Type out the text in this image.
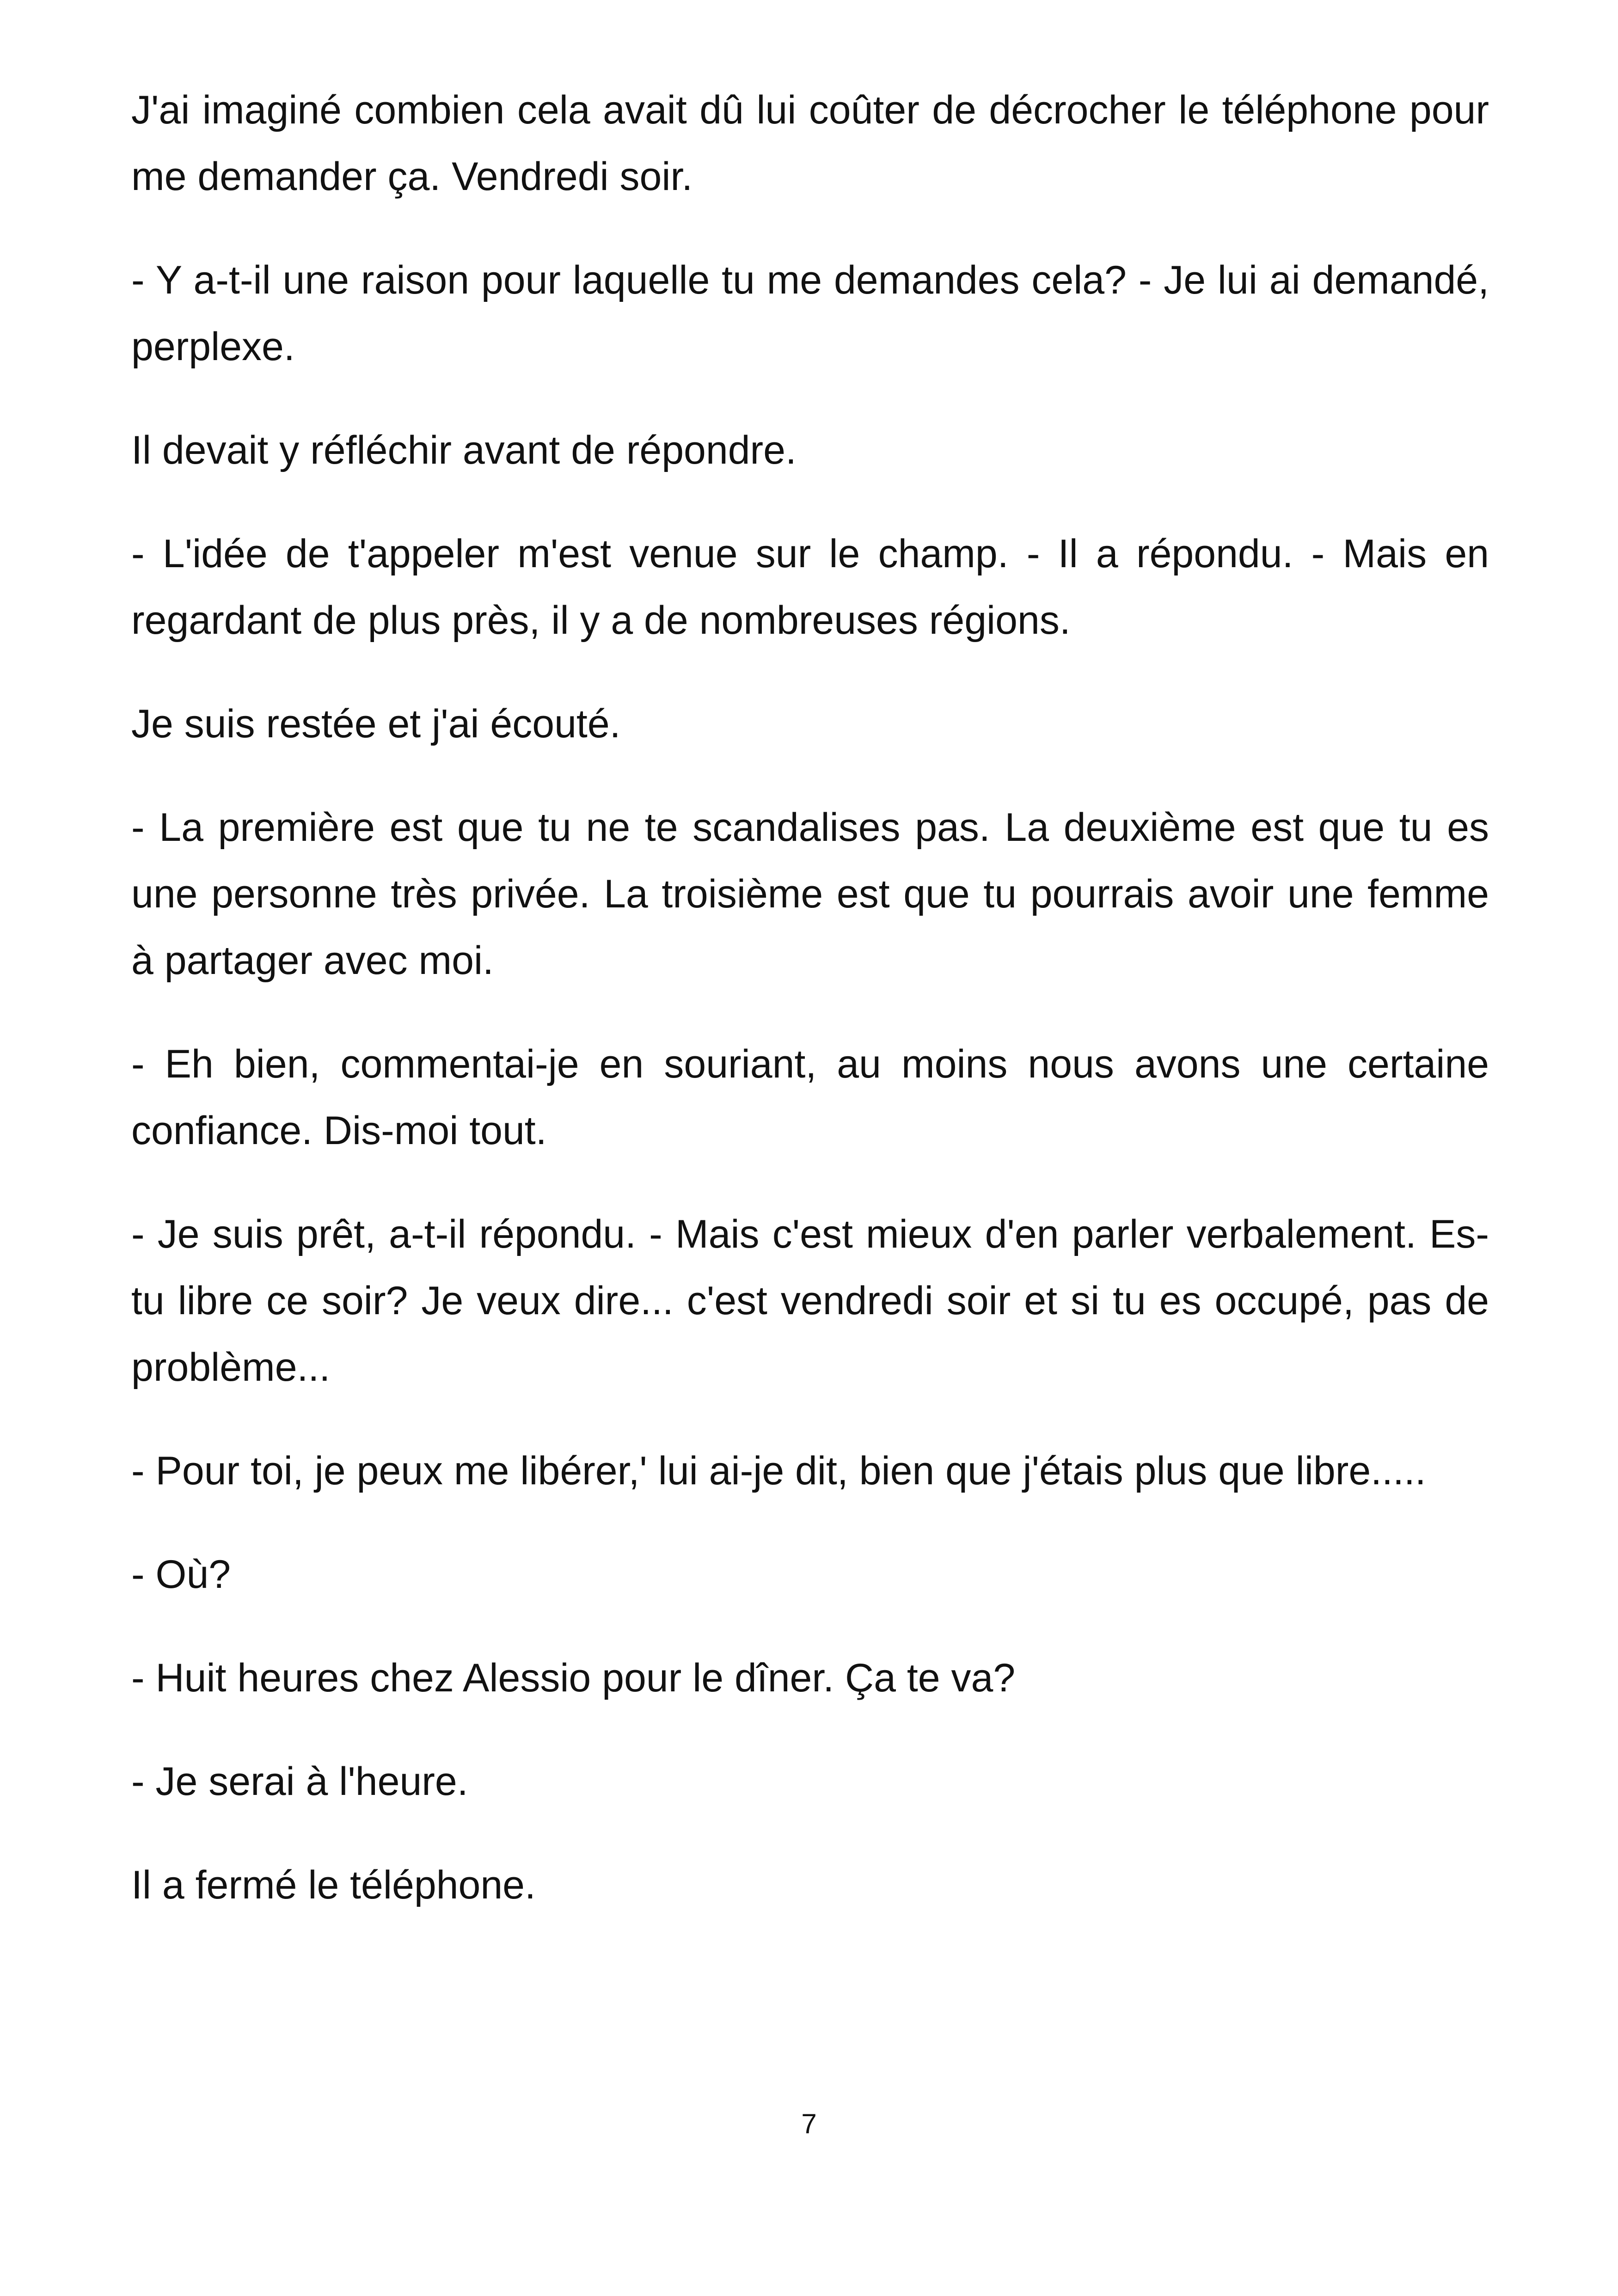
J'ai imaginé combien cela avait dû lui coûter de décrocher le téléphone pour me demander ça. Vendredi soir.

- Y a-t-il une raison pour laquelle tu me demandes cela? - Je lui ai demandé, perplexe.

Il devait y réfléchir avant de répondre.

- L'idée de t'appeler m'est venue sur le champ. - Il a répondu. - Mais en regardant de plus près, il y a de nombreuses régions.

Je suis restée et j'ai écouté.

- La première est que tu ne te scandalises pas. La deuxième est que tu es une personne très privée. La troisième est que tu pourrais avoir une femme à partager avec moi.

- Eh bien, commentai-je en souriant, au moins nous avons une certaine confiance. Dis-moi tout.

- Je suis prêt, a-t-il répondu. - Mais c'est mieux d'en parler verbalement. Es-tu libre ce soir? Je veux dire... c'est vendredi soir et si tu es occupé, pas de problème...

- Pour toi, je peux me libérer,' lui ai-je dit, bien que j'étais plus que libre.....

- Où?

- Huit heures chez Alessio pour le dîner. Ça te va?

- Je serai à l'heure.

Il a fermé le téléphone.

7
